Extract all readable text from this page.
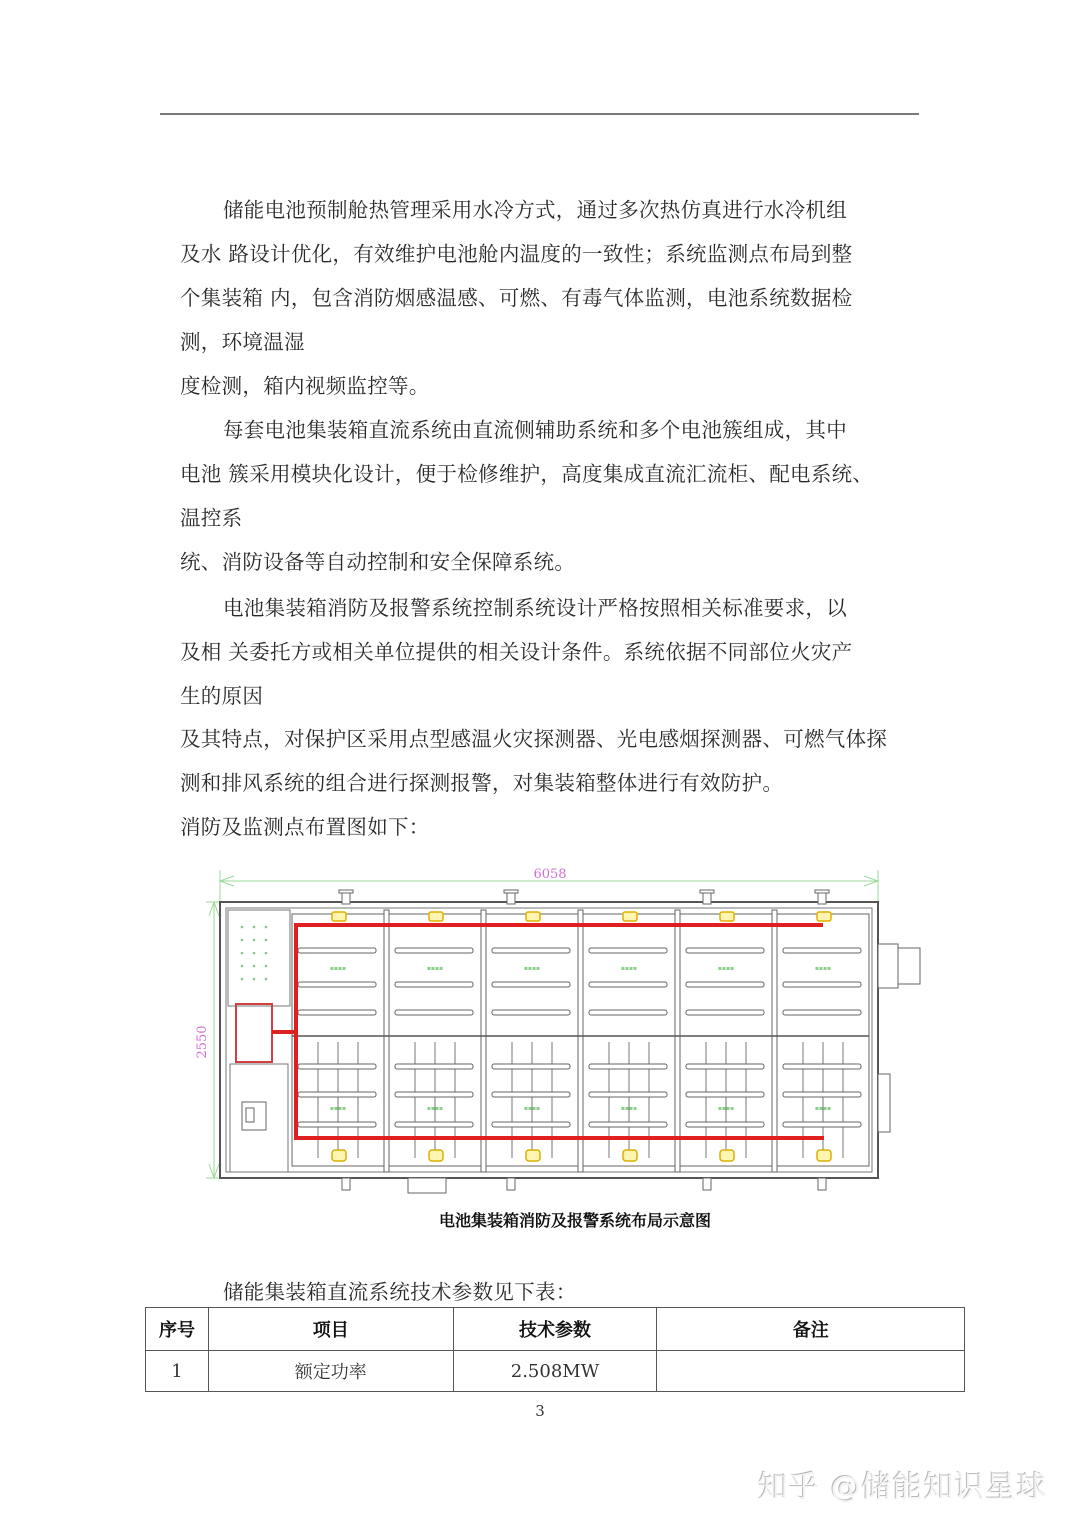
储能电池预制舱热管理采用水冷方式，通过多次热仿真进行水冷机组
及水 路设计优化，有效维护电池舱内温度的一致性；系统监测点布局到整
个集装箱 内，包含消防烟感温感、可燃、有毒气体监测，电池系统数据检
测，环境温湿
度检测，箱内视频监控等。
每套电池集装箱直流系统由直流侧辅助系统和多个电池簇组成，其中
电池 簇采用模块化设计，便于检修维护，高度集成直流汇流柜、配电系统、
温控系
统、消防设备等自动控制和安全保障系统。
电池集装箱消防及报警系统控制系统设计严格按照相关标准要求，以
及相 关委托方或相关单位提供的相关设计条件。系统依据不同部位火灾产
生的原因
及其特点，对保护区采用点型感温火灾探测器、光电感烟探测器、可燃气体探
测和排风系统的组合进行探测报警，对集装箱整体进行有效防护。
消防及监测点布置图如下：
6058
2550
▪▪▪▪	▪▪▪▪	▪▪▪▪	▪▪▪▪	▪▪▪▪	▪▪▪▪
▪▪▪▪	▪▪▪▪	▪▪▪▪	▪▪▪▪	▪▪▪▪	▪▪▪▪
电池集装箱消防及报警系统布局示意图
储能集装箱直流系统技术参数见下表：
序号	项目	技术参数	备注
1	额定功率	2.508MW	
3
知乎 @储能知识星球
